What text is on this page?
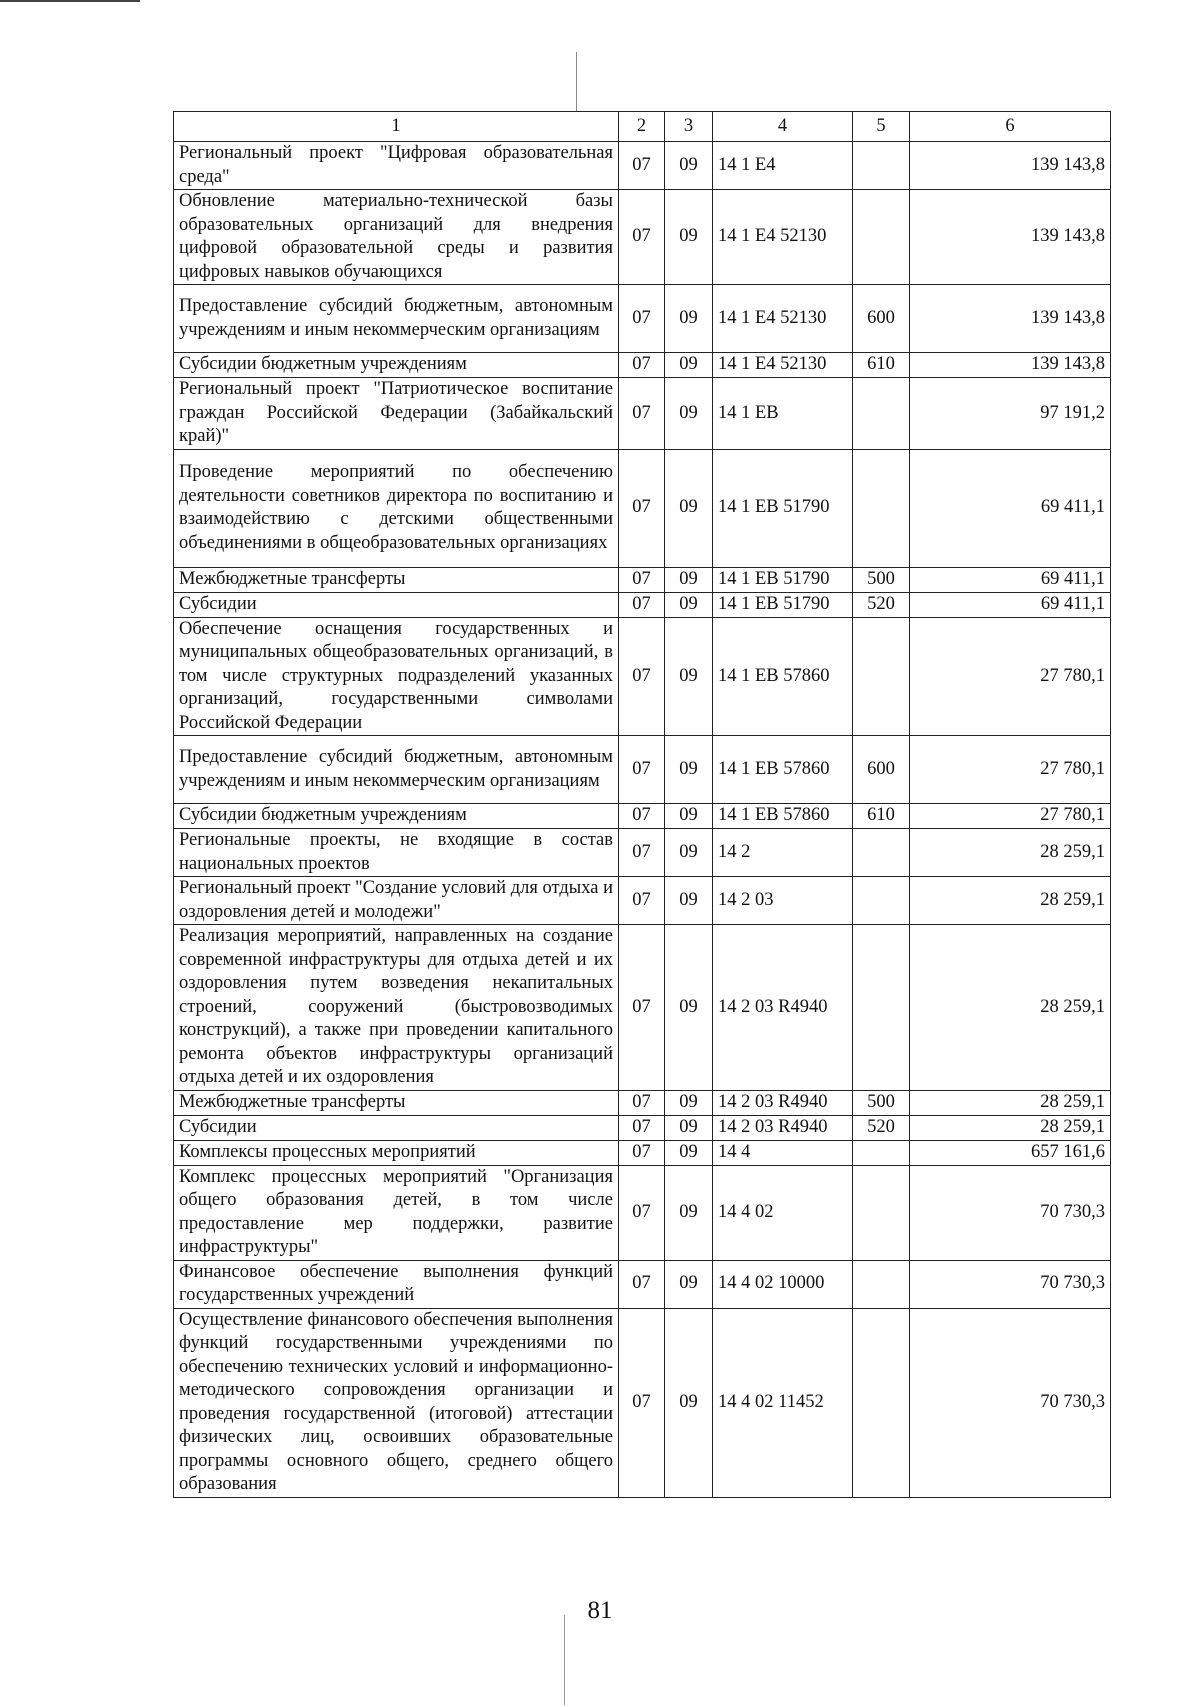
1	2	3	4	5	6
Региональный проект "Цифровая образовательная среда"	07	09	14 1 Е4		139 143,8
Обновление материально-технической базы образовательных организаций для внедрения цифровой образовательной среды и развития цифровых навыков обучающихся	07	09	14 1 Е4 52130		139 143,8
Предоставление субсидий бюджетным, автономным учреждениям и иным некоммерческим организациям	07	09	14 1 Е4 52130	600	139 143,8
Субсидии бюджетным учреждениям	07	09	14 1 Е4 52130	610	139 143,8
Региональный проект "Патриотическое воспитание граждан Российской Федерации (Забайкальский край)"	07	09	14 1 ЕВ		97 191,2
Проведение мероприятий по обеспечению деятельности советников директора по воспитанию и взаимодействию с детскими общественными объединениями в общеобразовательных организациях	07	09	14 1 ЕВ 51790		69 411,1
Межбюджетные трансферты	07	09	14 1 ЕВ 51790	500	69 411,1
Субсидии	07	09	14 1 ЕВ 51790	520	69 411,1
Обеспечение оснащения государственных и муниципальных общеобразовательных организаций, в том числе структурных подразделений указанных организаций, государственными символами Российской Федерации	07	09	14 1 ЕВ 57860		27 780,1
Предоставление субсидий бюджетным, автономным учреждениям и иным некоммерческим организациям	07	09	14 1 ЕВ 57860	600	27 780,1
Субсидии бюджетным учреждениям	07	09	14 1 ЕВ 57860	610	27 780,1
Региональные проекты, не входящие в состав национальных проектов	07	09	14 2		28 259,1
Региональный проект "Создание условий для отдыха и оздоровления детей и молодежи"	07	09	14 2 03		28 259,1
Реализация мероприятий, направленных на создание современной инфраструктуры для отдыха детей и их оздоровления путем возведения некапитальных строений, сооружений (быстровозводимых конструкций), а также при проведении капитального ремонта объектов инфраструктуры организаций отдыха детей и их оздоровления	07	09	14 2 03 R4940		28 259,1
Межбюджетные трансферты	07	09	14 2 03 R4940	500	28 259,1
Субсидии	07	09	14 2 03 R4940	520	28 259,1
Комплексы процессных мероприятий	07	09	14 4		657 161,6
Комплекс процессных мероприятий "Организация общего образования детей, в том числе предоставление мер поддержки, развитие инфраструктуры"	07	09	14 4 02		70 730,3
Финансовое обеспечение выполнения функций государственных учреждений	07	09	14 4 02 10000		70 730,3
Осуществление финансового обеспечения выполнения функций государственными учреждениями по обеспечению технических условий и информационно-методического сопровождения организации и проведения государственной (итоговой) аттестации физических лиц, освоивших образовательные программы основного общего, среднего общего образования	07	09	14 4 02 11452		70 730,3
81
